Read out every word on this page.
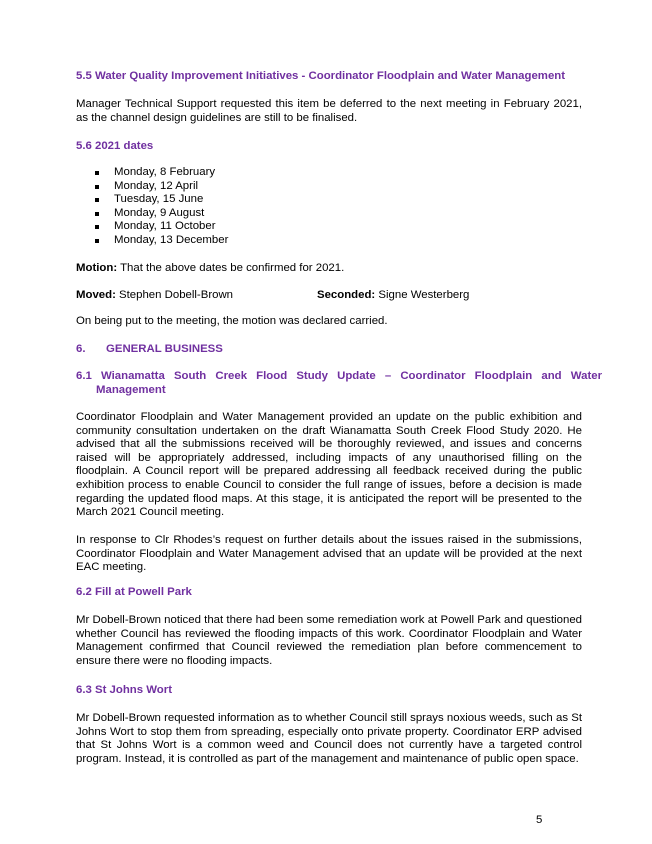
5.5 Water Quality Improvement Initiatives - Coordinator Floodplain and Water Management
Manager Technical Support requested this item be deferred to the next meeting in February 2021, as the channel design guidelines are still to be finalised.
5.6 2021 dates
Monday, 8 February
Monday, 12 April
Tuesday, 15 June
Monday, 9 August
Monday, 11 October
Monday, 13 December
Motion: That the above dates be confirmed for 2021.
Moved: Stephen Dobell-Brown	Seconded: Signe Westerberg
On being put to the meeting, the motion was declared carried.
6.	GENERAL BUSINESS
6.1 Wianamatta South Creek Flood Study Update – Coordinator Floodplain and Water Management
Coordinator Floodplain and Water Management provided an update on the public exhibition and community consultation undertaken on the draft Wianamatta South Creek Flood Study 2020. He advised that all the submissions received will be thoroughly reviewed, and issues and concerns raised will be appropriately addressed, including impacts of any unauthorised filling on the floodplain. A Council report will be prepared addressing all feedback received during the public exhibition process to enable Council to consider the full range of issues, before a decision is made regarding the updated flood maps. At this stage, it is anticipated the report will be presented to the March 2021 Council meeting.
In response to Clr Rhodes’s request on further details about the issues raised in the submissions, Coordinator Floodplain and Water Management advised that an update will be provided at the next EAC meeting.
6.2 Fill at Powell Park
Mr Dobell-Brown noticed that there had been some remediation work at Powell Park and questioned whether Council has reviewed the flooding impacts of this work. Coordinator Floodplain and Water Management confirmed that Council reviewed the remediation plan before commencement to ensure there were no flooding impacts.
6.3 St Johns Wort
Mr Dobell-Brown requested information as to whether Council still sprays noxious weeds, such as St Johns Wort to stop them from spreading, especially onto private property. Coordinator ERP advised that St Johns Wort is a common weed and Council does not currently have a targeted control program. Instead, it is controlled as part of the management and maintenance of public open space.
5
